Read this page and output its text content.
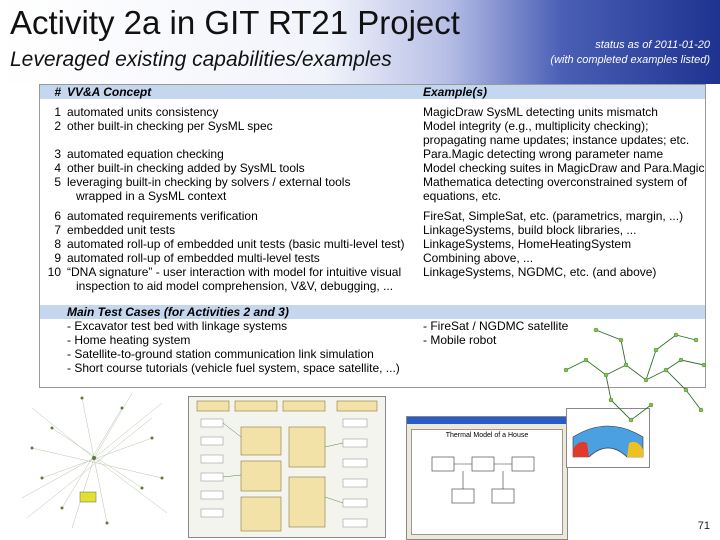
Activity 2a in GIT RT21 Project
Leveraged existing capabilities/examples
status as of 2011-01-20
(with completed examples listed)
#	VV&A Concept	Example(s)

1	automated units consistency	MagicDraw SysML detecting units mismatch
2	other built-in checking per SysML spec	Model integrity (e.g., multiplicity checking);
		propagating name updates; instance updates; etc.
3	automated equation checking	Para.Magic detecting wrong parameter name
4	other built-in checking added by SysML tools	Model checking suites in MagicDraw and Para.Magic
5	leveraging built-in checking by solvers / external tools	Mathematica detecting overconstrained system of
	wrapped in a SysML context	equations, etc.

6	automated requirements verification	FireSat, SimpleSat, etc. (parametrics, margin, ...)
7	embedded unit tests	LinkageSystems, build block libraries, ...
8	automated roll-up of embedded unit tests (basic multi-level test)	LinkageSystems, HomeHeatingSystem
9	automated roll-up of embedded multi-level tests	Combining above, ...
10	“DNA signature” - user interaction with model for intuitive visual	LinkageSystems, NGDMC, etc. (and above)
	inspection to aid model comprehension, V&V, debugging, ...	

	Main Test Cases (for Activities 2 and 3)	
	- Excavator test bed with linkage systems	- FireSat / NGDMC satellite
	- Home heating system	- Mobile robot
	- Satellite-to-ground station communication link simulation	
	- Short course tutorials (vehicle fuel system, space satellite, ...)	
Thermal Model of a House
71
